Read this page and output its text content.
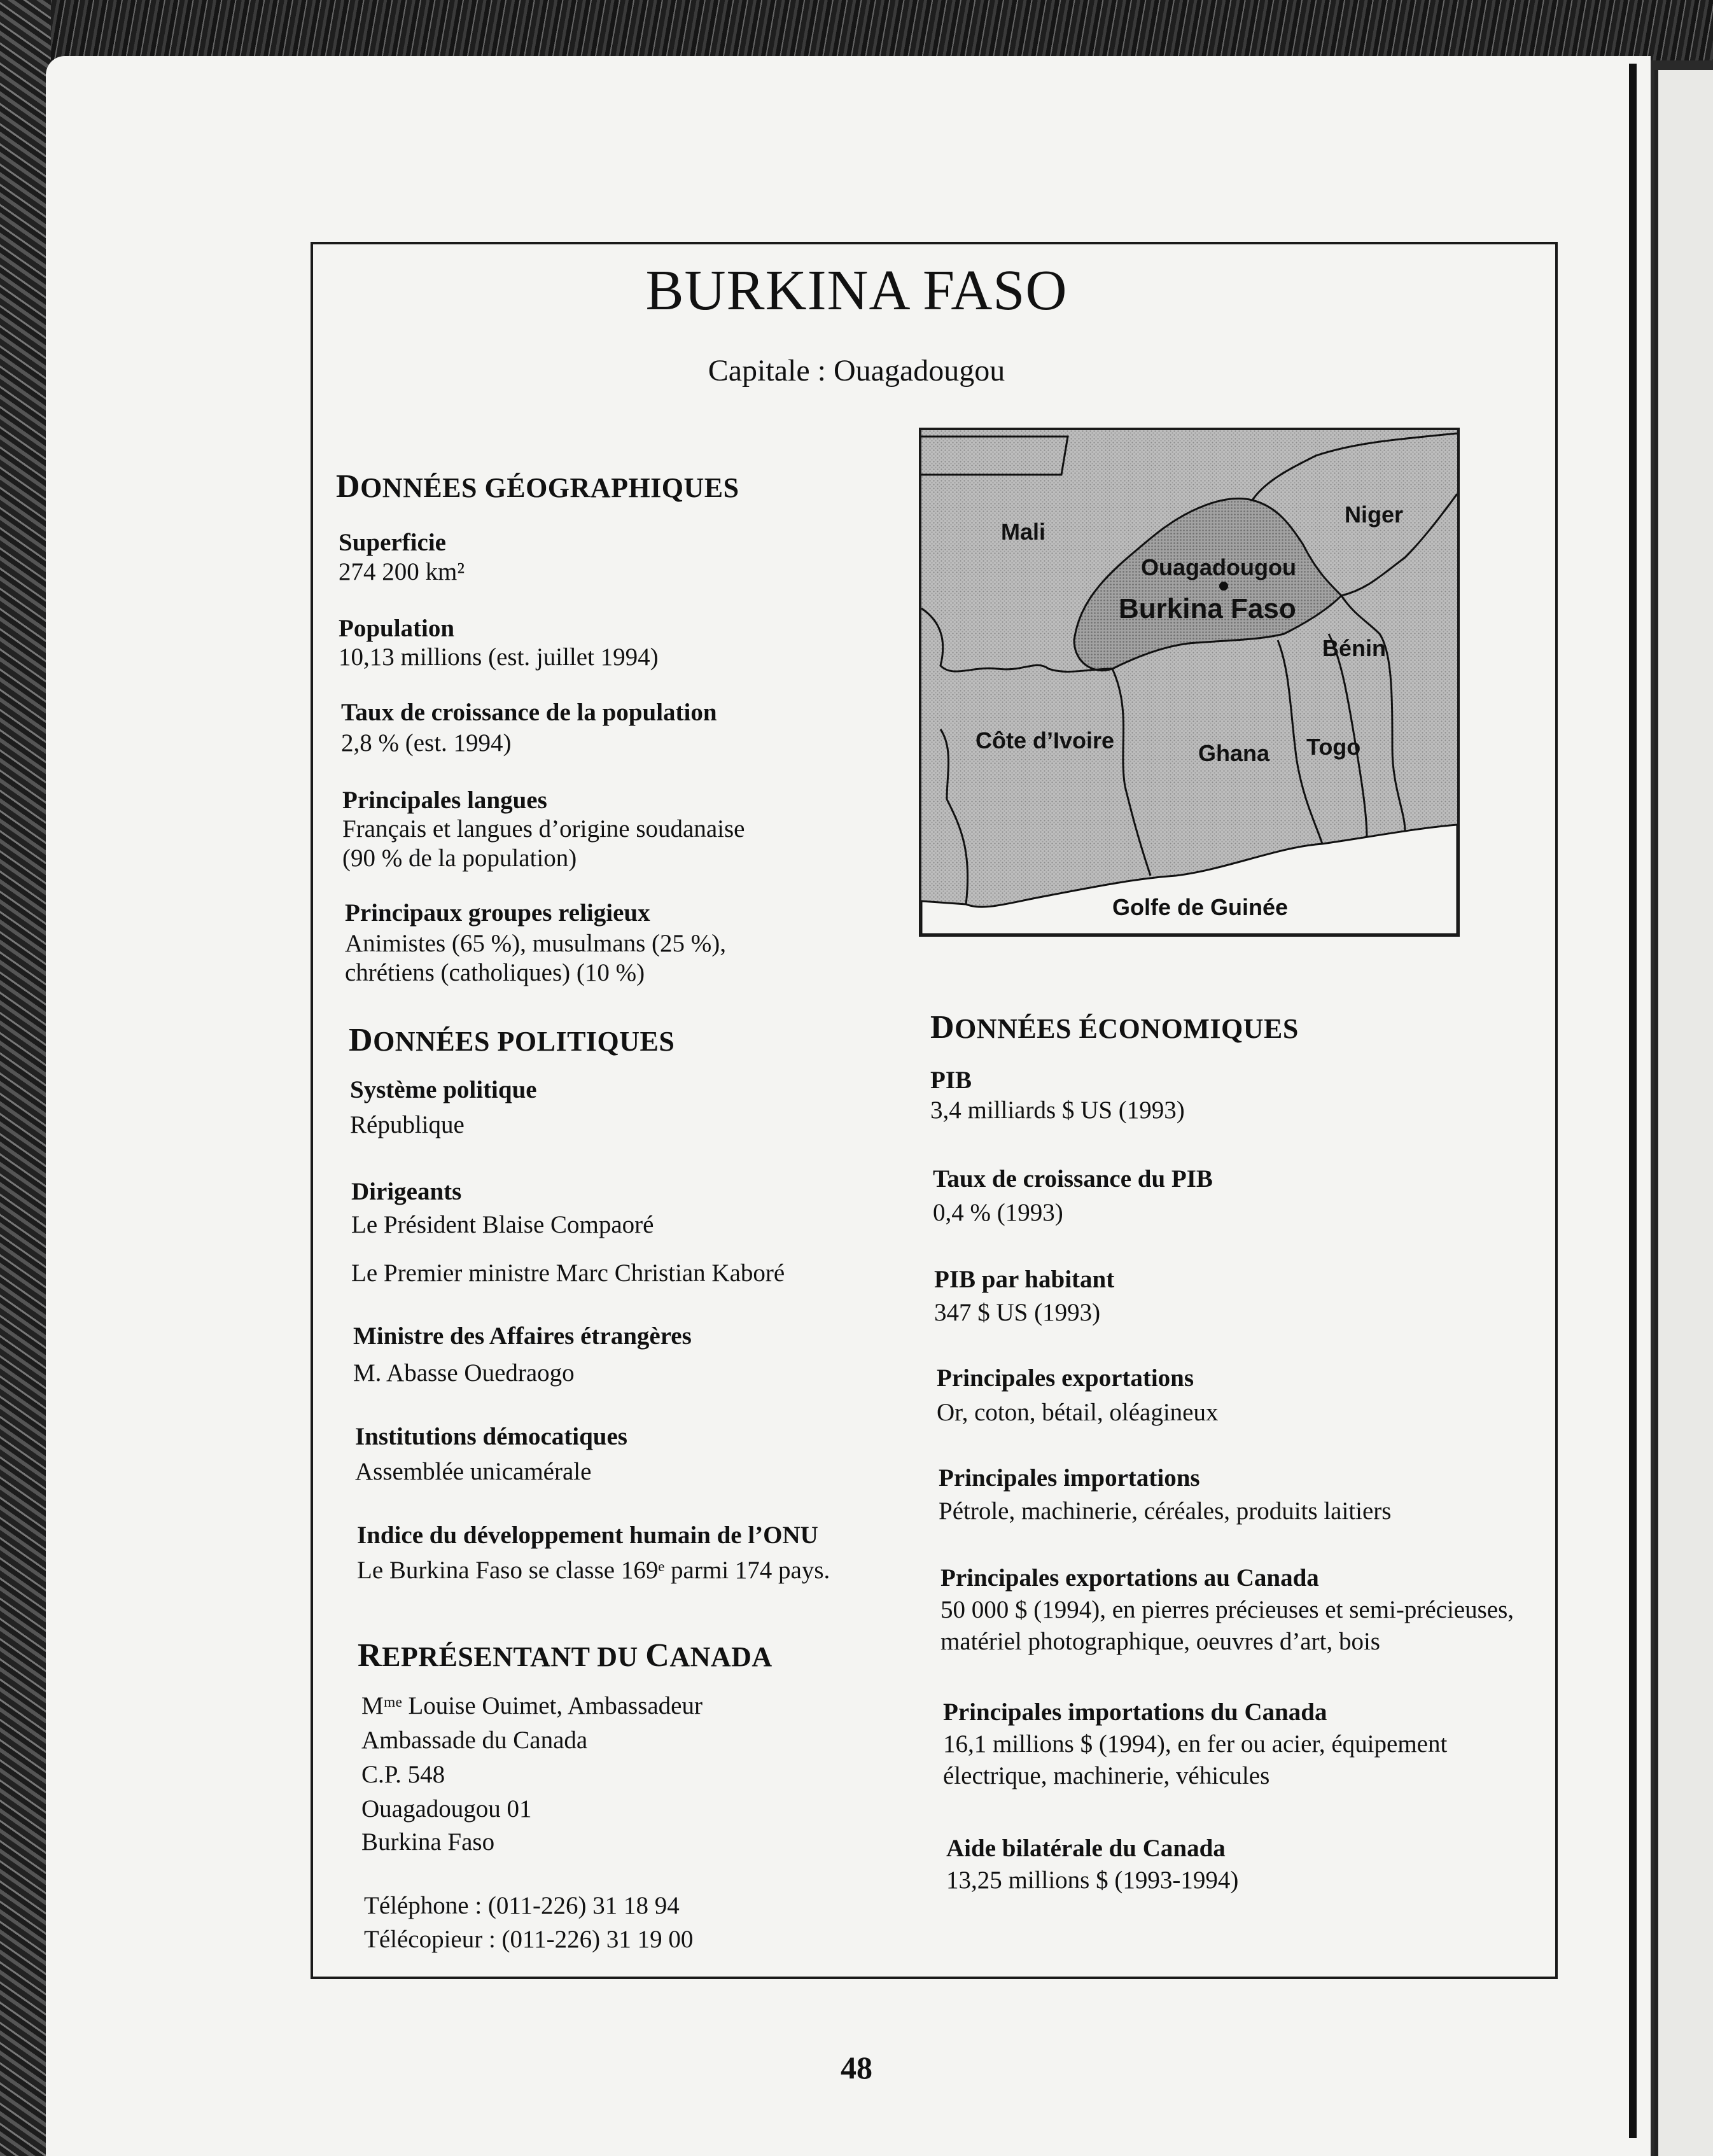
BURKINA FASO
Capitale : Ouagadougou
DONNÉES GÉOGRAPHIQUES
Superficie
274 200 km²
Population
10,13 millions (est. juillet 1994)
Taux de croissance de la population
2,8 % (est. 1994)
Principales langues
Français et langues d’origine soudanaise
(90 % de la population)
Principaux groupes religieux
Animistes (65 %), musulmans (25 %),
chrétiens (catholiques) (10 %)
DONNÉES POLITIQUES
Système politique
République
Dirigeants
Le Président Blaise Compaoré
Le Premier ministre Marc Christian Kaboré
Ministre des Affaires étrangères
M. Abasse Ouedraogo
Institutions démocatiques
Assemblée unicamérale
Indice du développement humain de l’ONU
Le Burkina Faso se classe 169ᵉ parmi 174 pays.
REPRÉSENTANT DU CANADA
Mᵐᵉ Louise Ouimet, Ambassadeur
Ambassade du Canada
C.P. 548
Ouagadougou 01
Burkina Faso
Téléphone : (011-226) 31 18 94
Télécopieur : (011-226) 31 19 00
Mali
Niger
Ouagadougou
Burkina Faso
Bénin
Côte d’Ivoire	Ghana Togo
Golfe de Guinée
DONNÉES ÉCONOMIQUES
PIB
3,4 milliards $ US (1993)
Taux de croissance du PIB
0,4 % (1993)
PIB par habitant
347 $ US (1993)
Principales exportations
Or, coton, bétail, oléagineux
Principales importations
Pétrole, machinerie, céréales, produits laitiers
Principales exportations au Canada
50 000 $ (1994), en pierres précieuses et semi-précieuses,
matériel photographique, oeuvres d’art, bois
Principales importations du Canada
16,1 millions $ (1994), en fer ou acier, équipement
électrique, machinerie, véhicules
Aide bilatérale du Canada
13,25 millions $ (1993-1994)
48
